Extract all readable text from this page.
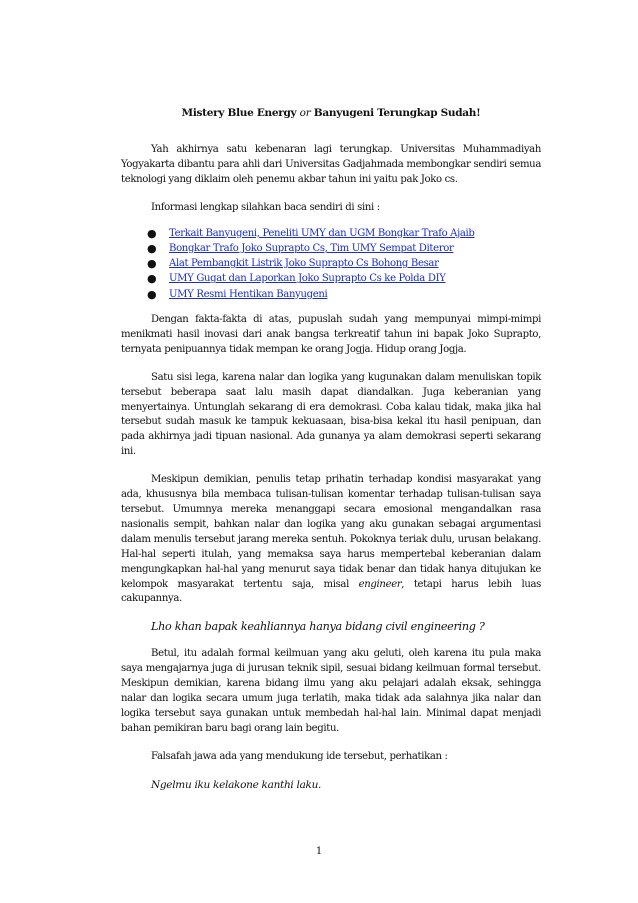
Mistery Blue Energy or Banyugeni Terungkap Sudah!

Yah akhirnya satu kebenaran lagi terungkap. Universitas Muhammadiyah Yogyakarta dibantu para ahli dari Universitas Gadjahmada membongkar sendiri semua teknologi yang diklaim oleh penemu akbar tahun ini yaitu pak Joko cs.

Informasi lengkap silahkan baca sendiri di sini :

● Terkait Banyugeni, Peneliti UMY dan UGM Bongkar Trafo Ajaib
● Bongkar Trafo Joko Suprapto Cs, Tim UMY Sempat Diteror
● Alat Pembangkit Listrik Joko Suprapto Cs Bohong Besar
● UMY Gugat dan Laporkan Joko Suprapto Cs ke Polda DIY
● UMY Resmi Hentikan Banyugeni

Dengan fakta-fakta di atas, pupuslah sudah yang mempunyai mimpi-mimpi menikmati hasil inovasi dari anak bangsa terkreatif tahun ini bapak Joko Suprapto, ternyata penipuannya tidak mempan ke orang Jogja. Hidup orang Jogja.

Satu sisi lega, karena nalar dan logika yang kugunakan dalam menuliskan topik tersebut beberapa saat lalu masih dapat diandalkan. Juga keberanian yang menyertainya. Untunglah sekarang di era demokrasi. Coba kalau tidak, maka jika hal tersebut sudah masuk ke tampuk kekuasaan, bisa-bisa kekal itu hasil penipuan, dan pada akhirnya jadi tipuan nasional. Ada gunanya ya alam demokrasi seperti sekarang ini.

Meskipun demikian, penulis tetap prihatin terhadap kondisi masyarakat yang ada, khususnya bila membaca tulisan-tulisan komentar terhadap tulisan-tulisan saya tersebut. Umumnya mereka menanggapi secara emosional mengandalkan rasa nasionalis sempit, bahkan nalar dan logika yang aku gunakan sebagai argumentasi dalam menulis tersebut jarang mereka sentuh. Pokoknya teriak dulu, urusan belakang. Hal-hal seperti itulah, yang memaksa saya harus mempertebal keberanian dalam mengungkapkan hal-hal yang menurut saya tidak benar dan tidak hanya ditujukan ke kelompok masyarakat tertentu saja, misal engineer, tetapi harus lebih luas cakupannya.

Lho khan bapak keahliannya hanya bidang civil engineering ?

Betul, itu adalah formal keilmuan yang aku geluti, oleh karena itu pula maka saya mengajarnya juga di jurusan teknik sipil, sesuai bidang keilmuan formal tersebut. Meskipun demikian, karena bidang ilmu yang aku pelajari adalah eksak, sehingga nalar dan logika secara umum juga terlatih, maka tidak ada salahnya jika nalar dan logika tersebut saya gunakan untuk membedah hal-hal lain. Minimal dapat menjadi bahan pemikiran baru bagi orang lain begitu.

Falsafah jawa ada yang mendukung ide tersebut, perhatikan :

Ngelmu iku kelakone kanthi laku.
1
